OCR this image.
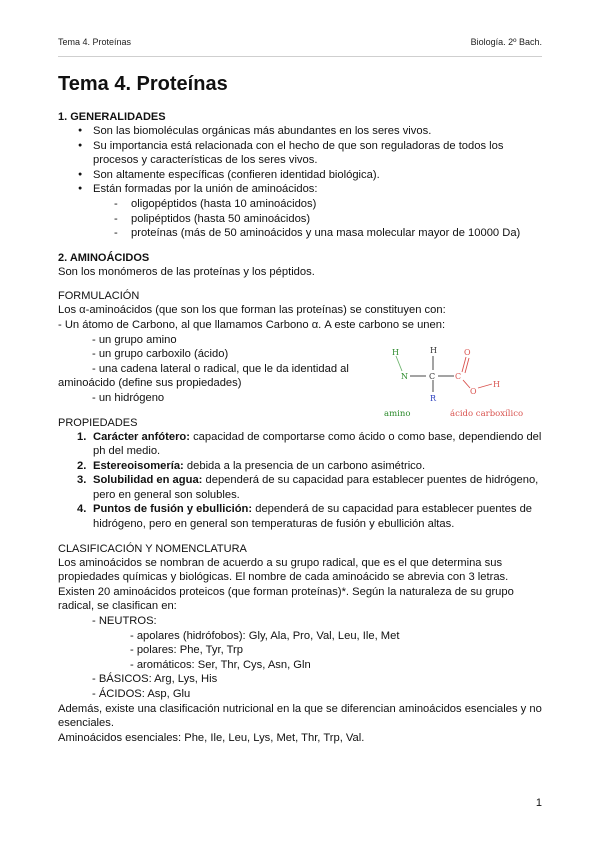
Tema 4. Proteínas	Biología. 2º Bach.
Tema 4. Proteínas
1. GENERALIDADES
● Son las biomoléculas orgánicas más abundantes en los seres vivos.
● Su importancia está relacionada con el hecho de que son reguladoras de todos los procesos y características de los seres vivos.
● Son altamente específicas (confieren identidad biológica).
● Están formadas por la unión de aminoácidos:
- oligopéptidos (hasta 10 aminoácidos)
- polipéptidos (hasta 50 aminoácidos)
- proteínas (más de 50 aminoácidos y una masa molecular mayor de 10000 Da)
2. AMINOÁCIDOS

Son los monómeros de las proteínas y los péptidos.

FORMULACIÓN

Los α-aminoácidos (que son los que forman las proteínas) se constituyen con:

- Un átomo de Carbono, al que llamamos Carbono α. A este carbono se unen:

- un grupo amino

- un grupo carboxilo (ácido)

- una cadena lateral o radical, que le da identidad al

aminoácido (define sus propiedades)

- un hidrógeno

PROPIEDADES

1. Carácter anfótero: capacidad de comportarse como ácido o como base, dependiendo del ph del medio.
2. Estereoisomería: debida a la presencia de un carbono asimétrico.
3. Solubilidad en agua: dependerá de su capacidad para establecer puentes de hidrógeno, pero en general son solubles.
4. Puntos de fusión y ebullición: dependerá de su capacidad para establecer puentes de hidrógeno, pero en general son temperaturas de fusión y ebullición altas.

CLASIFICACIÓN Y NOMENCLATURA

Los aminoácidos se nombran de acuerdo a su grupo radical, que es el que determina sus propiedades químicas y biológicas. El nombre de cada aminoácido se abrevia con 3 letras.

Existen 20 aminoácidos proteicos (que forman proteínas)*. Según la naturaleza de su grupo radical, se clasifican en:

- NEUTROS:

- apolares (hidrófobos): Gly, Ala, Pro, Val, Leu, Ile, Met

- polares: Phe, Tyr, Trp

- aromáticos: Ser, Thr, Cys, Asn, Gln

- BÁSICOS: Arg, Lys, His

- ÁCIDOS: Asp, Glu

Además, existe una clasificación nutricional en la que se diferencian aminoácidos esenciales y no esenciales.

Aminoácidos esenciales: Phe, Ile, Leu, Lys, Met, Thr, Trp, Val.

H
N
H
C
R
O
C
O
H
amino	ácido carboxílico
1
